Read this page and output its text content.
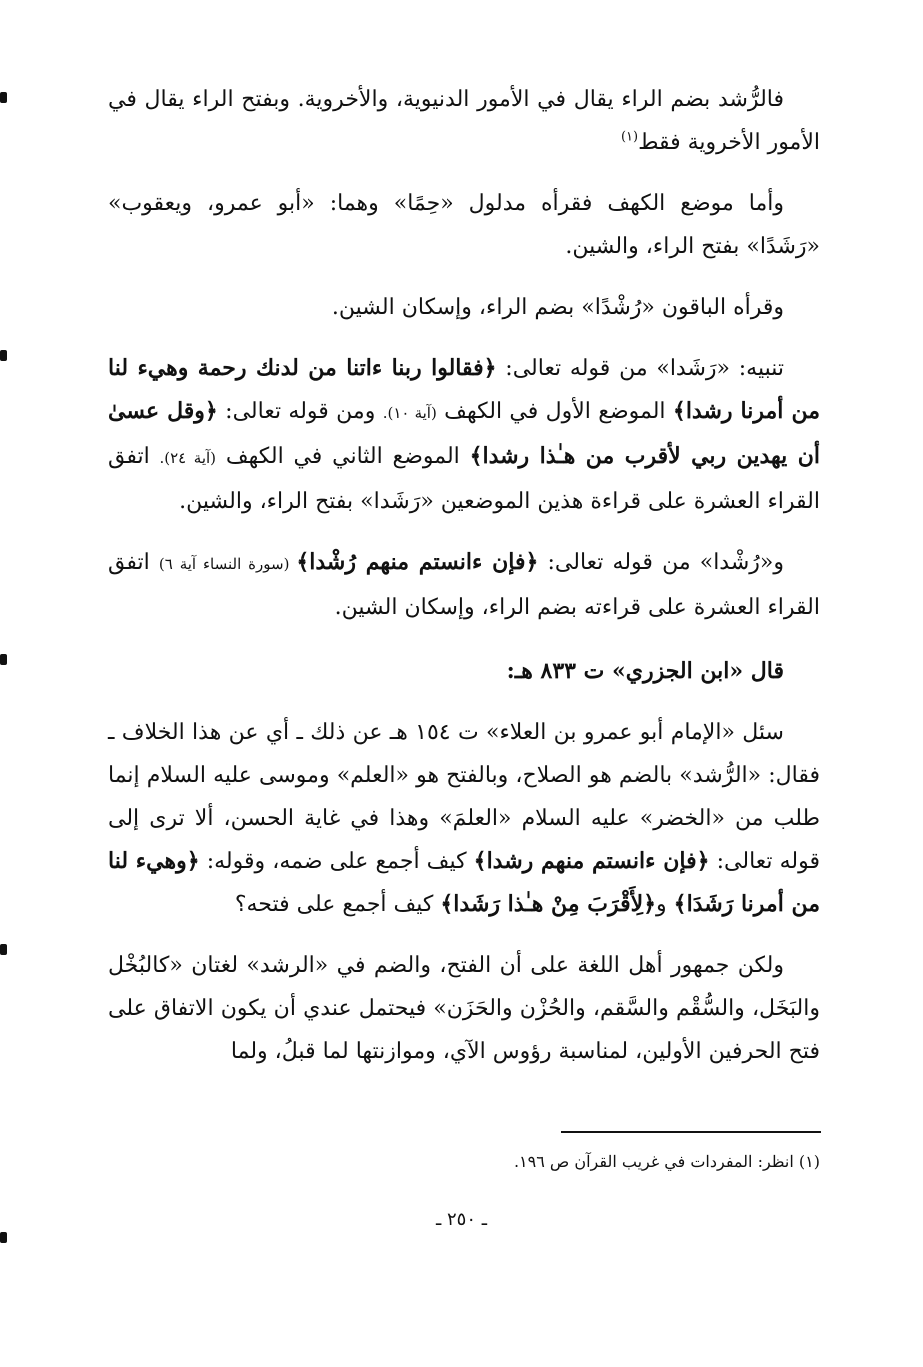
فالرُّشد بضم الراء يقال في الأمور الدنيوية، والأخروية. وبفتح الراء يقال في الأمور الأخروية فقط$^{(١)}$

وأما موضع الكهف فقرأه مدلول «حِمًا» وهما: «أبو عمرو، ويعقوب» «رَشَدًا» بفتح الراء، والشين.

وقرأه الباقون «رُشْدًا» بضم الراء، وإسكان الشين.

تنبيه: «رَشَدا» من قوله تعالى: ﴿فقالوا ربنا ءاتنا من لدنك رحمة وهيء لنا من أمرنا رشدا﴾ الموضع الأول في الكهف (آية ١٠). ومن قوله تعالى: ﴿وقل عسىٰ أن يهدين ربي لأقرب من هـٰذا رشدا﴾ الموضع الثاني في الكهف (آية ٢٤). اتفق القراء العشرة على قراءة هذين الموضعين «رَشَدا» بفتح الراء، والشين.

و«رُشْدا» من قوله تعالى: ﴿فإن ءانستم منهم رُشْدا﴾ (سورة النساء آية ٦) اتفق القراء العشرة على قراءته بضم الراء، وإسكان الشين.

قال «ابن الجزري» ت ٨٣٣ هـ:

سئل «الإمام أبو عمرو بن العلاء» ت ١٥٤ هـ عن ذلك ـ أي عن هذا الخلاف ـ فقال: «الرُّشد» بالضم هو الصلاح، وبالفتح هو «العلم» وموسى عليه السلام إنما طلب من «الخضر» عليه السلام «العلمَ» وهذا في غاية الحسن، ألا ترى إلى قوله تعالى: ﴿فإن ءانستم منهم رشدا﴾ كيف أجمع على ضمه، وقوله: ﴿وهيء لنا من أمرنا رَشَدَا﴾ و﴿لِأَقْرَبَ مِنْ هـٰذا رَشَدا﴾ كيف أجمع على فتحه؟

ولكن جمهور أهل اللغة على أن الفتح، والضم في «الرشد» لغتان «كالبُخْل والبَخَل، والسُّقْم والسَّقم، والحُزْن والحَزَن» فيحتمل عندي أن يكون الاتفاق على فتح الحرفين الأولين، لمناسبة رؤوس الآي، وموازنتها لما قبلُ، ولما

(١) انظر: المفردات في غريب القرآن ص ١٩٦.
ـ ٢٥٠ ـ
